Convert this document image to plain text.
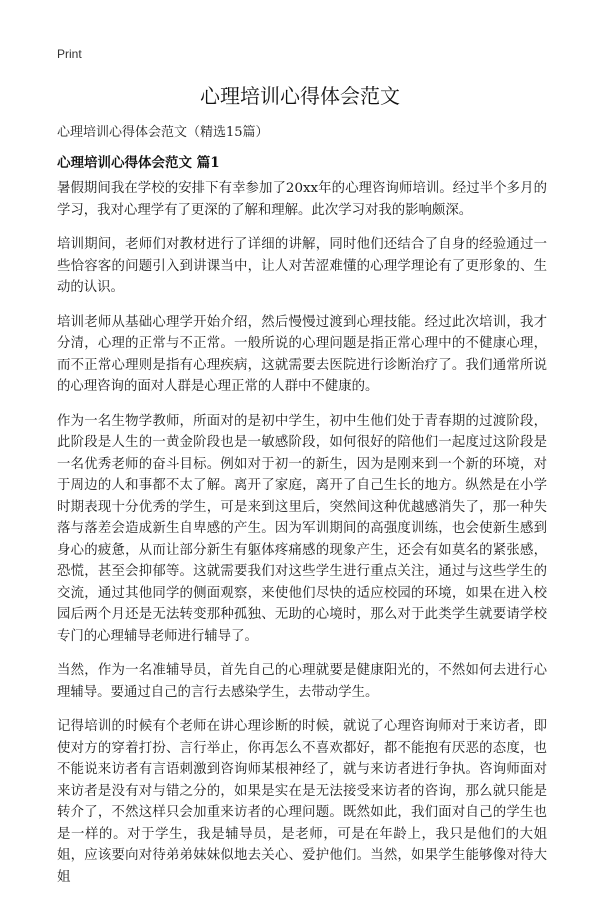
Print
心理培训心得体会范文
心理培训心得体会范文（精选15篇）
心理培训心得体会范文 篇1

暑假期间我在学校的安排下有幸参加了20xx年的心理咨询师培训。经过半个多月的学习，我对心理学有了更深的了解和理解。此次学习对我的影响颇深。

培训期间，老师们对教材进行了详细的讲解，同时他们还结合了自身的经验通过一些恰容客的问题引入到讲课当中，让人对苦涩难懂的心理学理论有了更形象的、生动的认识。

培训老师从基础心理学开始介绍，然后慢慢过渡到心理技能。经过此次培训，我才分清，心理的正常与不正常。一般所说的心理问题是指正常心理中的不健康心理，而不正常心理则是指有心理疾病，这就需要去医院进行诊断治疗了。我们通常所说的心理咨询的面对人群是心理正常的人群中不健康的。

作为一名生物学教师，所面对的是初中学生，初中生他们处于青春期的过渡阶段，此阶段是人生的一黄金阶段也是一敏感阶段，如何很好的陪他们一起度过这阶段是一名优秀老师的奋斗目标。例如对于初一的新生，因为是刚来到一个新的环境，对于周边的人和事都不太了解。离开了家庭，离开了自己生长的地方。纵然是在小学时期表现十分优秀的学生，可是来到这里后，突然间这种优越感消失了，那一种失落与落差会造成新生自卑感的产生。因为军训期间的高强度训练，也会使新生感到身心的疲惫，从而让部分新生有躯体疼痛感的现象产生，还会有如莫名的紧张感，恐慌，甚至会抑郁等。这就需要我们对这些学生进行重点关注，通过与这些学生的交流，通过其他同学的侧面观察，来使他们尽快的适应校园的环境，如果在进入校园后两个月还是无法转变那种孤独、无助的心境时，那么对于此类学生就要请学校专门的心理辅导老师进行辅导了。

当然，作为一名准辅导员，首先自己的心理就要是健康阳光的，不然如何去进行心理辅导。要通过自己的言行去感染学生，去带动学生。

记得培训的时候有个老师在讲心理诊断的时候，就说了心理咨询师对于来访者，即使对方的穿着打扮、言行举止，你再怎么不喜欢都好，都不能抱有厌恶的态度，也不能说来访者有言语刺激到咨询师某根神经了，就与来访者进行争执。咨询师面对来访者是没有对与错之分的，如果是实在是无法接受来访者的咨询，那么就只能是转介了，不然这样只会加重来访者的心理问题。既然如此，我们面对自己的学生也是一样的。对于学生，我是辅导员，是老师，可是在年龄上，我只是他们的大姐姐，应该要向对待弟弟妹妹似地去关心、爱护他们。当然，如果学生能够像对待大姐
